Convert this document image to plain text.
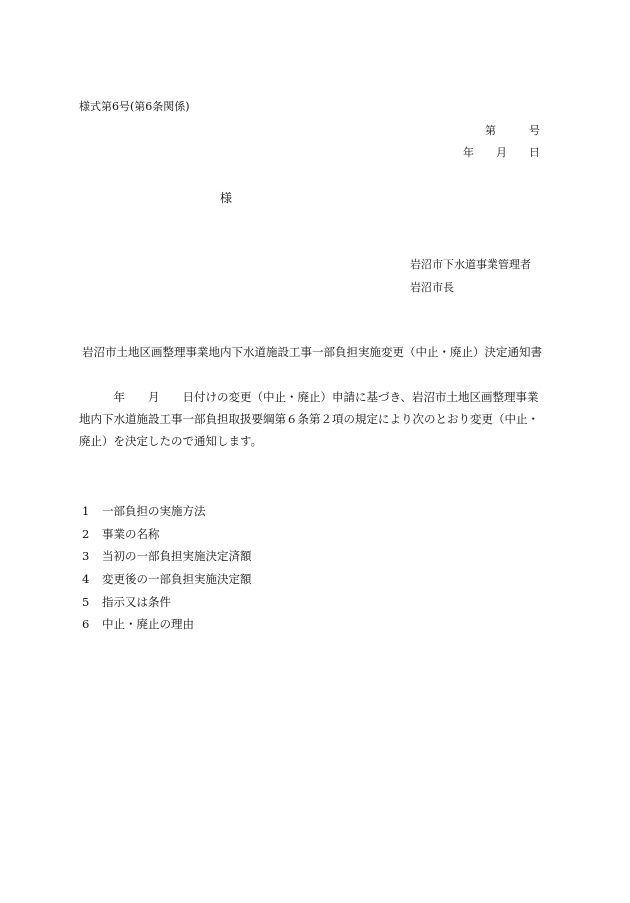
様式第6号(第6条関係)
第　　　号
年　　月　　日
様
岩沼市下水道事業管理者
岩沼市長
岩沼市土地区画整理事業地内下水道施設工事一部負担実施変更（中止・廃止）決定通知書

　　　年　　月　　日付けの変更（中止・廃止）申請に基づき、岩沼市土地区画整理事業

地内下水道施設工事一部負担取扱要綱第６条第２項の規定により次のとおり変更（中止・

廃止）を決定したので通知します。

1 一部負担の実施方法
2 事業の名称
3 当初の一部負担実施決定済額
4 変更後の一部負担実施決定額
5 指示又は条件
6 中止・廃止の理由
